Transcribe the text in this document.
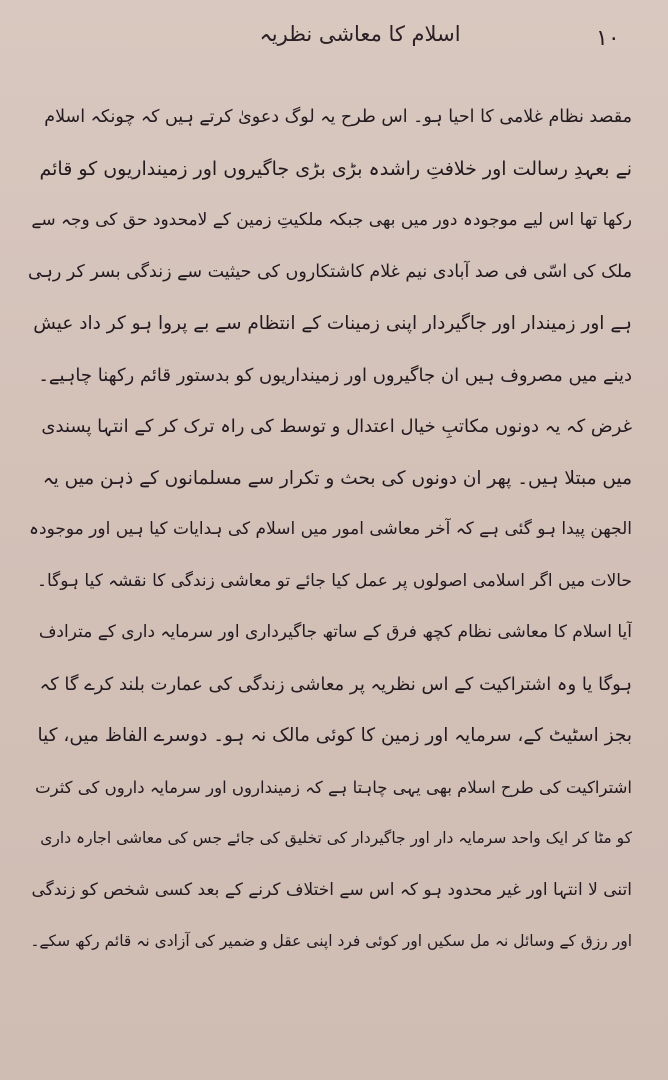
اسلام کا معاشی نظریہ	١٠
مقصد نظام غلامی کا احیا ہو۔ اس طرح یہ لوگ دعویٰ کرتے ہیں کہ چونکہ اسلام
نے بعہدِ رسالت اور خلافتِ راشدہ بڑی بڑی جاگیروں اور زمینداریوں کو قائم
رکھا تھا اس لیے موجودہ دور میں بھی جبکہ ملکیتِ زمین کے لامحدود حق کی وجہ سے
ملک کی اسّی فی صد آبادی نیم غلام کاشتکاروں کی حیثیت سے زندگی بسر کر رہی
ہے اور زمیندار اور جاگیردار اپنی زمینات کے انتظام سے بے پروا ہو کر داد عیش
دینے میں مصروف ہیں ان جاگیروں اور زمینداریوں کو بدستور قائم رکھنا چاہیے۔
غرض کہ یہ دونوں مکاتبِ خیال اعتدال و توسط کی راہ ترک کر کے انتہا پسندی
میں مبتلا ہیں۔ پھر ان دونوں کی بحث و تکرار سے مسلمانوں کے ذہن میں یہ
الجھن پیدا ہو گئی ہے کہ آخر معاشی امور میں اسلام کی ہدایات کیا ہیں اور موجودہ
حالات میں اگر اسلامی اصولوں پر عمل کیا جائے تو معاشی زندگی کا نقشہ کیا ہوگا۔
آیا اسلام کا معاشی نظام کچھ فرق کے ساتھ جاگیرداری اور سرمایہ داری کے مترادف
ہوگا یا وہ اشتراکیت کے اس نظریہ پر معاشی زندگی کی عمارت بلند کرے گا کہ
بجز اسٹیٹ کے، سرمایہ اور زمین کا کوئی مالک نہ ہو۔ دوسرے الفاظ میں، کیا
اشتراکیت کی طرح اسلام بھی یہی چاہتا ہے کہ زمینداروں اور سرمایہ داروں کی کثرت
کو مٹا کر ایک واحد سرمایہ دار اور جاگیردار کی تخلیق کی جائے جس کی معاشی اجارہ داری
اتنی لا انتہا اور غیر محدود ہو کہ اس سے اختلاف کرنے کے بعد کسی شخص کو زندگی
اور رزق کے وسائل نہ مل سکیں اور کوئی فرد اپنی عقل و ضمیر کی آزادی نہ قائم رکھ سکے۔
